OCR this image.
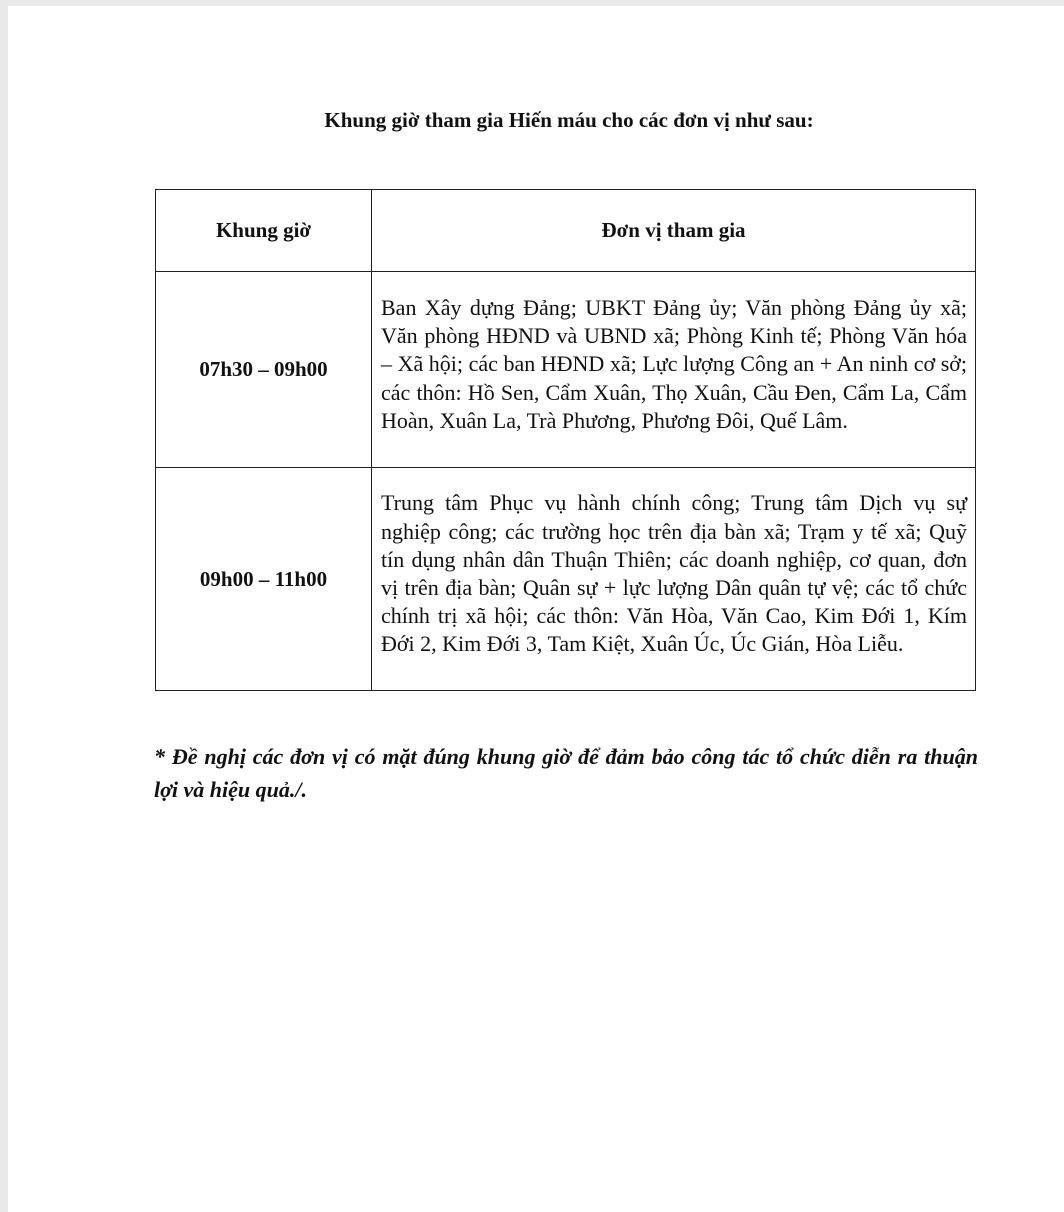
Khung giờ tham gia Hiến máu cho các đơn vị như sau:
Khung giờ	Đơn vị tham gia
07h30 – 09h00	Ban Xây dựng Đảng; UBKT Đảng ủy; Văn phòng Đảng ủy xã; Văn phòng HĐND và UBND xã; Phòng Kinh tế; Phòng Văn hóa – Xã hội; các ban HĐND xã; Lực lượng Công an + An ninh cơ sở; các thôn: Hồ Sen, Cẩm Xuân, Thọ Xuân, Cầu Đen, Cẩm La, Cẩm Hoàn, Xuân La, Trà Phương, Phương Đôi, Quế Lâm.
09h00 – 11h00	Trung tâm Phục vụ hành chính công; Trung tâm Dịch vụ sự nghiệp công; các trường học trên địa bàn xã; Trạm y tế xã; Quỹ tín dụng nhân dân Thuận Thiên; các doanh nghiệp, cơ quan, đơn vị trên địa bàn; Quân sự + lực lượng Dân quân tự vệ; các tổ chức chính trị xã hội; các thôn: Văn Hòa, Văn Cao, Kim Đới 1, Kím Đới 2, Kim Đới 3, Tam Kiệt, Xuân Úc, Úc Gián, Hòa Liễu.
* Đề nghị các đơn vị có mặt đúng khung giờ để đảm bảo công tác tổ chức diễn ra thuận lợi và hiệu quả./.
